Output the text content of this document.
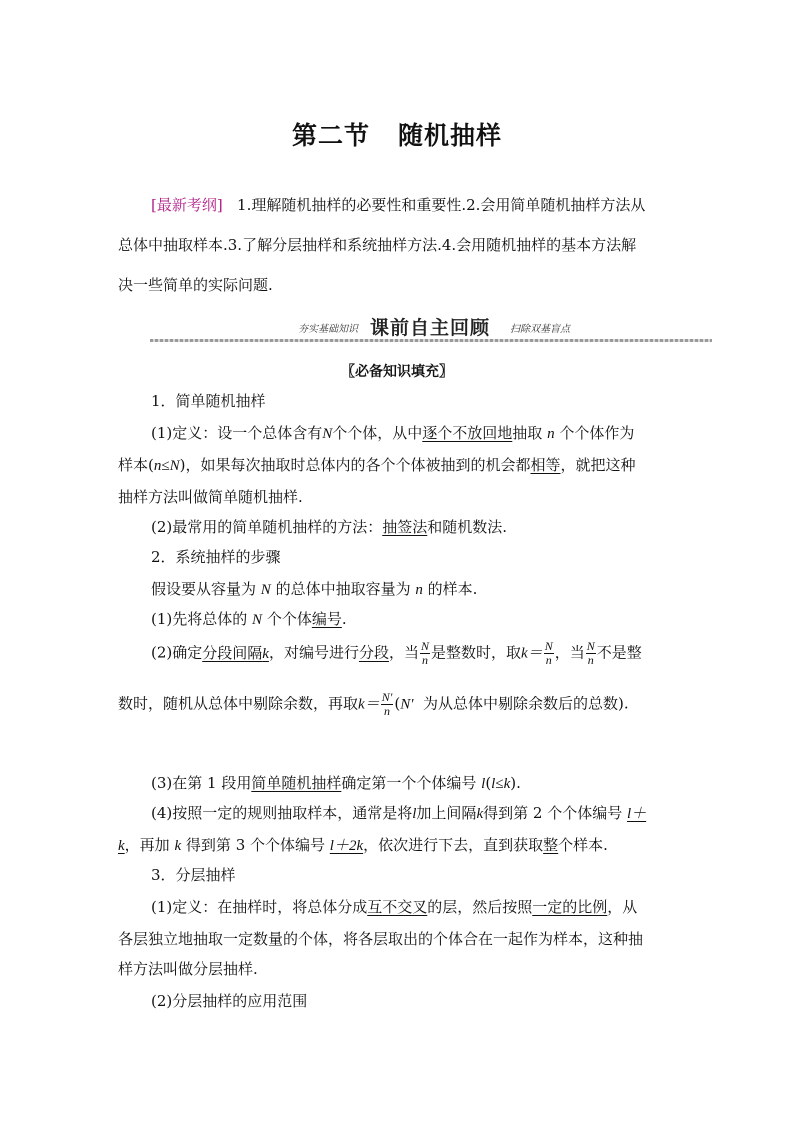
第二节 随机抽样
[最新考纲] 1.理解随机抽样的必要性和重要性.2.会用简单随机抽样方法从
总体中抽取样本.3.了解分层抽样和系统抽样方法.4.会用随机抽样的基本方法解
决一些简单的实际问题.
夯实基础知识 课前自主回顾 扫除双基盲点
〖必备知识填充〗
1．简单随机抽样
(1)定义：设一个总体含有N个个体，从中逐个不放回地抽取 n 个个体作为
样本(n≤N)，如果每次抽取时总体内的各个个体被抽到的机会都相等，就把这种
抽样方法叫做简单随机抽样.
(2)最常用的简单随机抽样的方法：抽签法和随机数法.
2．系统抽样的步骤
假设要从容量为 N 的总体中抽取容量为 n 的样本.
(1)先将总体的 N 个个体编号.
(2)确定分段间隔k，对编号进行分段，当 $\frac{N}{n}$ 是整数时，取$k= \frac{N}{n}$ ，当 $\frac{N}{n}$ 不是整
数时，随机从总体中剔除余数，再取$k= \frac{N'}{n} (N'$ 为从总体中剔除余数后的总数).
(3)在第 1 段用简单随机抽样确定第一个个体编号 l(l≤k).
(4)按照一定的规则抽取样本，通常是将l加上间隔k得到第 2 个个体编号 l＋
k，再加 k 得到第 3 个个体编号 l＋2k，依次进行下去，直到获取整个样本.
3．分层抽样
(1)定义：在抽样时，将总体分成互不交叉的层，然后按照一定的比例，从
各层独立地抽取一定数量的个体，将各层取出的个体合在一起作为样本，这种抽
样方法叫做分层抽样.
(2)分层抽样的应用范围
